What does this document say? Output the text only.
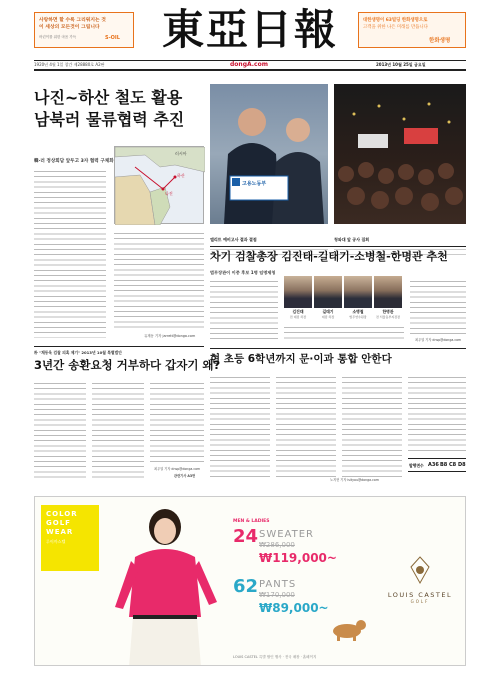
사랑하면 할 수록 그리워지는 것
이 세상의 모든것이 그립니다
어린이를 위한 마음 가득	S-OIL 東亞日報	대한생명이 63빌딩 한화생명으로
고객을 위한 나은 미래를 만듭니다
한화생명
1920년 4월 1일 창간 제28880호 A2판	dongA.com	2013년 10월 25일 금요일
나진~하산 철도 활용
남북러 물류협력 추진
韓·러 정상회담 앞두고 3자 협력 구체화
러시아
하산
나진
유재동 기자 jarrett@donga.com
고용노동부
엘리트 예비고사 결과 결점	청와대 앞 공사 집회
차기 검찰총장 김진태-길태기-소병철-한명관 추천
법무장관이 이중 후보 1명 임명제청
김진태
전 대검 차장
길태기
대검 차장
소병철
법무연수원장
한명관
전 서울동부지검장
최우열 기자 dnsp@donga.com
朴 "채동욱 검찰 의혹 제기" 2013년 10월 특별법안
3년간 송환요청 거부하다 갑자기 왜?
최우열 기자 dnsp@donga.com
관련기사 A3면
현 초등 6학년까지 문·이과 통합 안한다
노지현 기자 isityou@donga.com
발행면수 A36 B8 C8 D8
COLOR
GOLF
WEAR
루이까스텔
MEN & LADIES
24 SWEATER
₩286,000
₩119,000~
62 PANTS
₩170,000
₩89,000~
LOUIS CASTEL
GOLF
LOUIS CASTEL 특별 할인 행사 · 전국 매장 · 홈페이지
